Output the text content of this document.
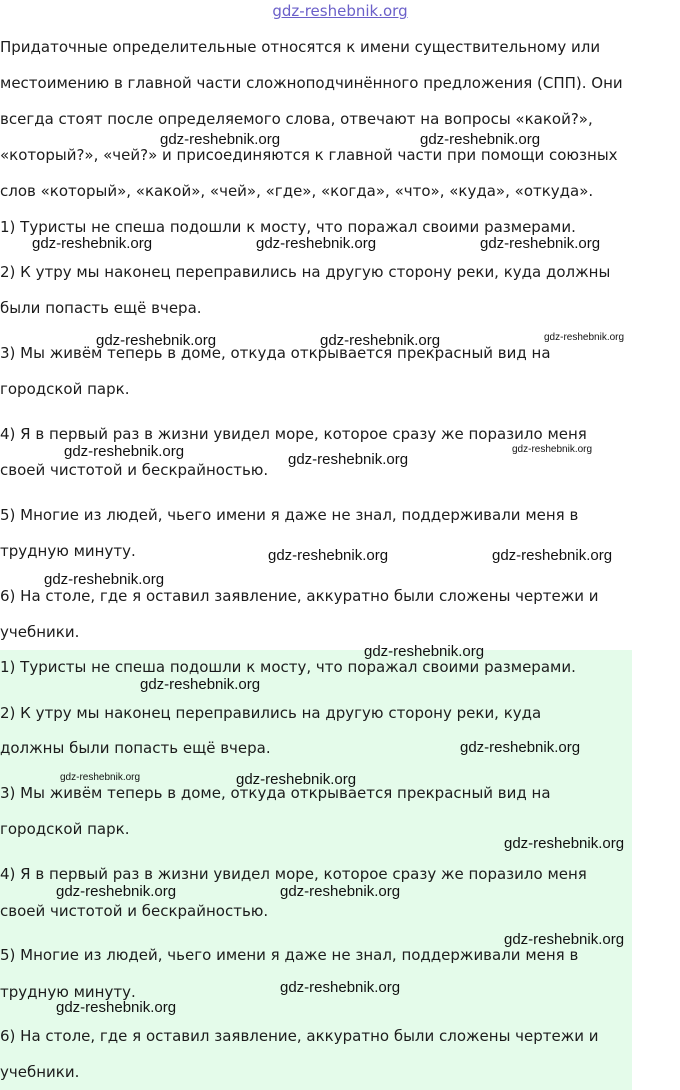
gdz-reshebnik.org
Придаточные определительные относятся к имени существительному или
местоимению в главной части сложноподчинённого предложения (СПП). Они
всегда стоят после определяемого слова, отвечают на вопросы «какой?»,
«который?», «чей?» и присоединяются к главной части при помощи союзных
слов «который», «какой», «чей», «где», «когда», «что», «куда», «откуда».
1) Туристы не спеша подошли к мосту, что поражал своими размерами.
2) К утру мы наконец переправились на другую сторону реки, куда должны
были попасть ещё вчера.
3) Мы живём теперь в доме, откуда открывается прекрасный вид на
городской парк.
4) Я в первый раз в жизни увидел море, которое сразу же поразило меня
своей чистотой и бескрайностью.
5) Многие из людей, чьего имени я даже не знал, поддерживали меня в
трудную минуту.
6) На столе, где я оставил заявление, аккуратно были сложены чертежи и
учебники.
1) Туристы не спеша подошли к мосту, что поражал своими размерами.
2) К утру мы наконец переправились на другую сторону реки, куда
должны были попасть ещё вчера.
3) Мы живём теперь в доме, откуда открывается прекрасный вид на
городской парк.
4) Я в первый раз в жизни увидел море, которое сразу же поразило меня
своей чистотой и бескрайностью.
5) Многие из людей, чьего имени я даже не знал, поддерживали меня в
трудную минуту.
6) На столе, где я оставил заявление, аккуратно были сложены чертежи и
учебники.
gdz-reshebnik.org	gdz-reshebnik.org
gdz-reshebnik.org	gdz-reshebnik.org	gdz-reshebnik.org
gdz-reshebnik.org	gdz-reshebnik.org	gdz-reshebnik.org
gdz-reshebnik.org	gdz-reshebnik.org
gdz-reshebnik.org
gdz-reshebnik.org	gdz-reshebnik.org
gdz-reshebnik.org
gdz-reshebnik.org
gdz-reshebnik.org
gdz-reshebnik.org
gdz-reshebnik.org	gdz-reshebnik.org
gdz-reshebnik.org
gdz-reshebnik.org	gdz-reshebnik.org
gdz-reshebnik.org
gdz-reshebnik.org
gdz-reshebnik.org
